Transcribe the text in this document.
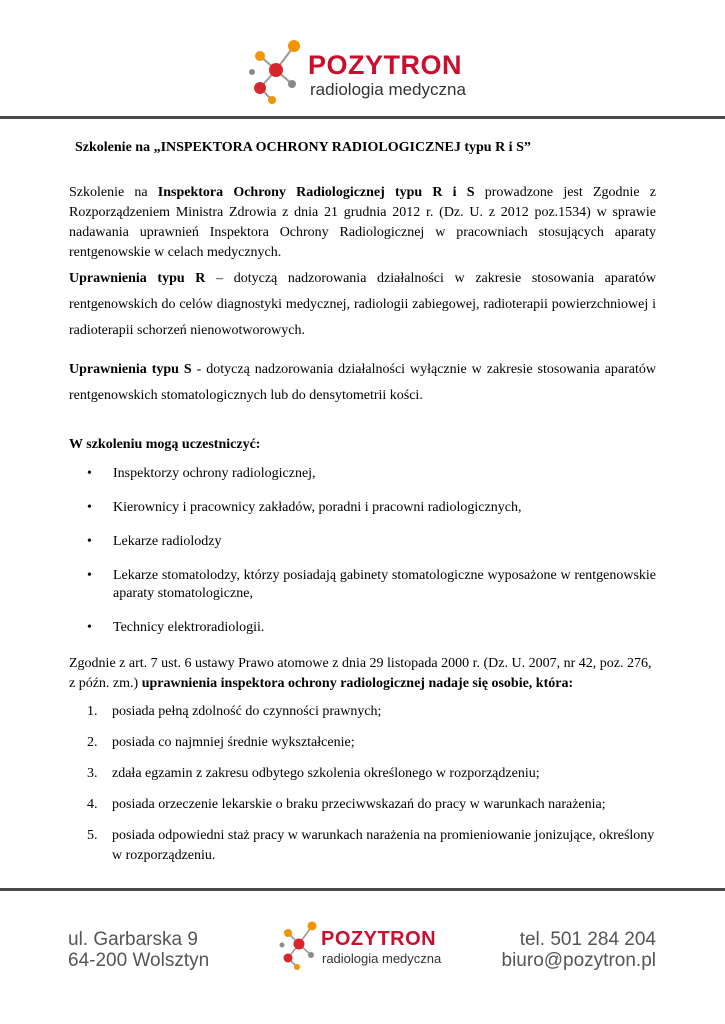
POZYTRON
radiologia medyczna
Szkolenie na „INSPEKTORA OCHRONY RADIOLOGICZNEJ typu R i S”
Szkolenie na Inspektora Ochrony Radiologicznej typu R i S prowadzone jest Zgodnie z Rozporządzeniem Ministra Zdrowia z dnia 21 grudnia 2012 r. (Dz. U. z 2012 poz.1534) w sprawie nadawania uprawnień Inspektora Ochrony Radiologicznej w pracowniach stosujących aparaty rentgenowskie w celach medycznych.
Uprawnienia typu R – dotyczą nadzorowania działalności w zakresie stosowania aparatów rentgenowskich do celów diagnostyki medycznej, radiologii zabiegowej, radioterapii powierzchniowej i radioterapii schorzeń nienowotworowych.
Uprawnienia typu S - dotyczą nadzorowania działalności wyłącznie w zakresie stosowania aparatów rentgenowskich stomatologicznych lub do densytometrii kości.
W szkoleniu mogą uczestniczyć:
• Inspektorzy ochrony radiologicznej,
• Kierownicy i pracownicy zakładów, poradni i pracowni radiologicznych,
• Lekarze radiolodzy
• Lekarze stomatolodzy, którzy posiadają gabinety stomatologiczne wyposażone w rentgenowskie aparaty stomatologiczne,
• Technicy elektroradiologii.
Zgodnie z art. 7 ust. 6 ustawy Prawo atomowe z dnia 29 listopada 2000 r. (Dz. U. 2007, nr 42, poz. 276, z późn. zm.) uprawnienia inspektora ochrony radiologicznej nadaje się osobie, która:
1. posiada pełną zdolność do czynności prawnych;
2. posiada co najmniej średnie wykształcenie;
3. zdała egzamin z zakresu odbytego szkolenia określonego w rozporządzeniu;
4. posiada orzeczenie lekarskie o braku przeciwwskazań do pracy w warunkach narażenia;
5. posiada odpowiedni staż pracy w warunkach narażenia na promieniowanie jonizujące, określony w rozporządzeniu.
ul. Garbarska 9
64-200 Wolsztyn
POZYTRON
radiologia medyczna
tel. 501 284 204
biuro@pozytron.pl
